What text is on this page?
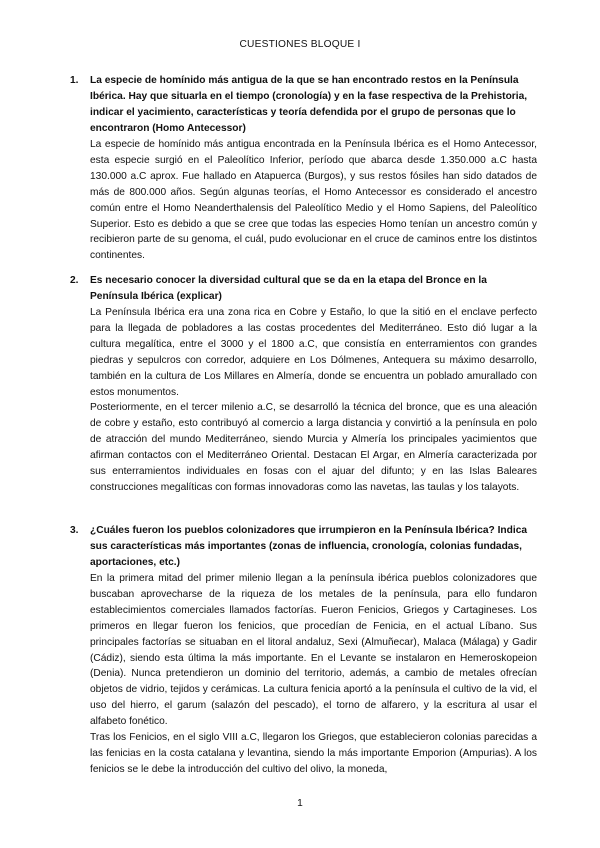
CUESTIONES BLOQUE I
1. La especie de homínido más antigua de la que se han encontrado restos en la Península Ibérica. Hay que situarla en el tiempo (cronología) y en la fase respectiva de la Prehistoria, indicar el yacimiento, características y teoría defendida por el grupo de personas que lo encontraron (Homo Antecessor)

La especie de homínido más antigua encontrada en la Península Ibérica es el Homo Antecessor, esta especie surgió en el Paleolítico Inferior, período que abarca desde 1.350.000 a.C hasta 130.000 a.C aprox. Fue hallado en Atapuerca (Burgos), y sus restos fósiles han sido datados de más de 800.000 años. Según algunas teorías, el Homo Antecessor es considerado el ancestro común entre el Homo Neanderthalensis del Paleolítico Medio y el Homo Sapiens, del Paleolítico Superior. Esto es debido a que se cree que todas las especies Homo tenían un ancestro común y recibieron parte de su genoma, el cuál, pudo evolucionar en el cruce de caminos entre los distintos continentes.

2. Es necesario conocer la diversidad cultural que se da en la etapa del Bronce en la Península Ibérica (explicar)

La Península Ibérica era una zona rica en Cobre y Estaño, lo que la sitió en el enclave perfecto para la llegada de pobladores a las costas procedentes del Mediterráneo. Esto dió lugar a la cultura megalítica, entre el 3000 y el 1800 a.C, que consistía en enterramientos con grandes piedras y sepulcros con corredor, adquiere en Los Dólmenes, Antequera su máximo desarrollo, también en la cultura de Los Millares en Almería, donde se encuentra un poblado amurallado con estos monumentos.

Posteriormente, en el tercer milenio a.C, se desarrolló la técnica del bronce, que es una aleación de cobre y estaño, esto contribuyó al comercio a larga distancia y convirtió a la península en polo de atracción del mundo Mediterráneo, siendo Murcia y Almería los principales yacimientos que afirman contactos con el Mediterráneo Oriental. Destacan El Argar, en Almería caracterizada por sus enterramientos individuales en fosas con el ajuar del difunto; y en las Islas Baleares construcciones megalíticas con formas innovadoras como las navetas, las taulas y los talayots.

3. ¿Cuáles fueron los pueblos colonizadores que irrumpieron en la Península Ibérica? Indica sus características más importantes (zonas de influencia, cronología, colonias fundadas, aportaciones, etc.)

En la primera mitad del primer milenio llegan a la península ibérica pueblos colonizadores que buscaban aprovecharse de la riqueza de los metales de la península, para ello fundaron establecimientos comerciales llamados factorías. Fueron Fenicios, Griegos y Cartagineses. Los primeros en llegar fueron los fenicios, que procedían de Fenicia, en el actual Líbano. Sus principales factorías se situaban en el litoral andaluz, Sexi (Almuñecar), Malaca (Málaga) y Gadir (Cádiz), siendo esta última la más importante. En el Levante se instalaron en Hemeroskopeion (Denia). Nunca pretendieron un dominio del territorio, además, a cambio de metales ofrecían objetos de vidrio, tejidos y cerámicas. La cultura fenicia aportó a la península el cultivo de la vid, el uso del hierro, el garum (salazón del pescado), el torno de alfarero, y la escritura al usar el alfabeto fonético.

Tras los Fenicios, en el siglo VIII a.C, llegaron los Griegos, que establecieron colonias parecidas a las fenicias en la costa catalana y levantina, siendo la más importante Emporion (Ampurias). A los fenicios se le debe la introducción del cultivo del olivo, la moneda,

1
